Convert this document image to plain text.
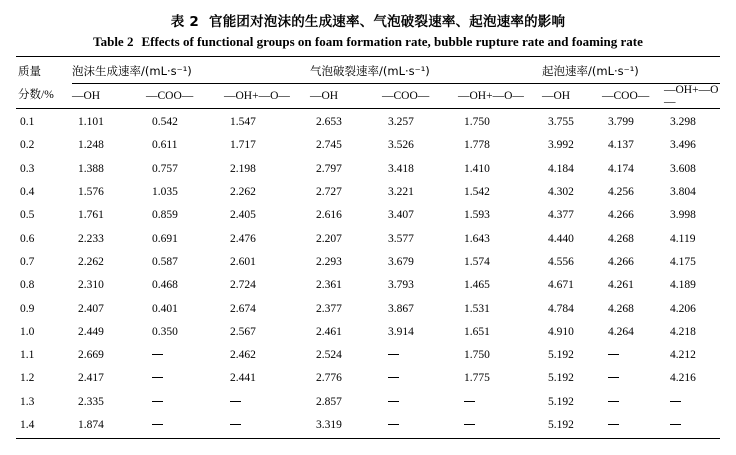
表 2 官能团对泡沫的生成速率、气泡破裂速率、起泡速率的影响
Table 2 Effects of functional groups on foam formation rate, bubble rupture rate and foaming rate

质量	泡沫生成速率/(mL·s⁻¹)			气泡破裂速率/(mL·s⁻¹)			起泡速率/(mL·s⁻¹)		
分数/%	—OH	—COO—	—OH+—O—	—OH	—COO—	—OH+—O—	—OH	—COO—	—OH+—O—

0.1	1.101	0.542	1.547	2.653	3.257	1.750	3.755	3.799	3.298
0.2	1.248	0.611	1.717	2.745	3.526	1.778	3.992	4.137	3.496
0.3	1.388	0.757	2.198	2.797	3.418	1.410	4.184	4.174	3.608
0.4	1.576	1.035	2.262	2.727	3.221	1.542	4.302	4.256	3.804
0.5	1.761	0.859	2.405	2.616	3.407	1.593	4.377	4.266	3.998
0.6	2.233	0.691	2.476	2.207	3.577	1.643	4.440	4.268	4.119
0.7	2.262	0.587	2.601	2.293	3.679	1.574	4.556	4.266	4.175
0.8	2.310	0.468	2.724	2.361	3.793	1.465	4.671	4.261	4.189
0.9	2.407	0.401	2.674	2.377	3.867	1.531	4.784	4.268	4.206
1.0	2.449	0.350	2.567	2.461	3.914	1.651	4.910	4.264	4.218
1.1	2.669		2.462	2.524		1.750	5.192		4.212
1.2	2.417		2.441	2.776		1.775	5.192		4.216
1.3	2.335			2.857			5.192		
1.4	1.874			3.319			5.192		
